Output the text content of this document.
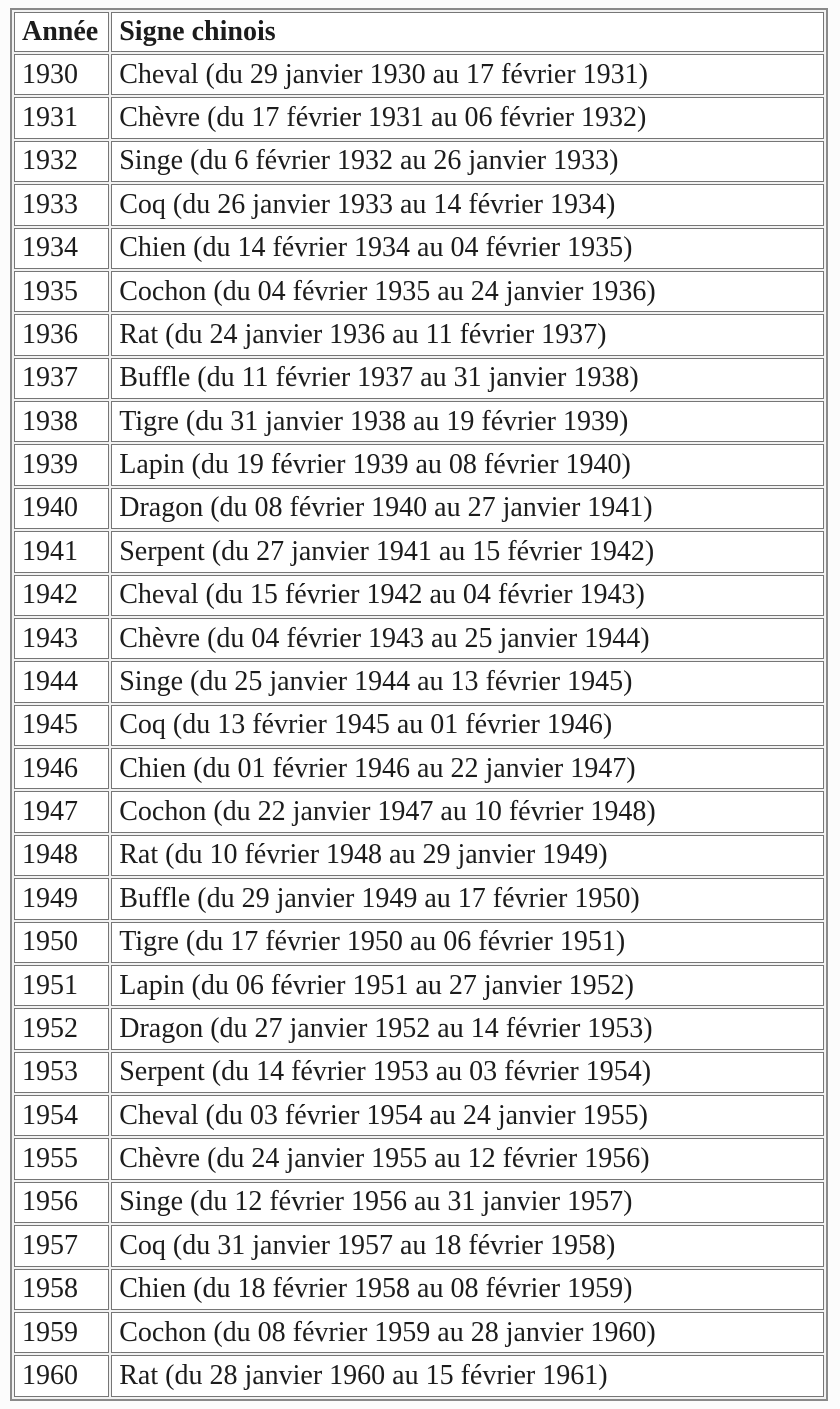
Année	Signe chinois
1930	Cheval (du 29 janvier 1930 au 17 février 1931)
1931	Chèvre (du 17 février 1931 au 06 février 1932)
1932	Singe (du 6 février 1932 au 26 janvier 1933)
1933	Coq (du 26 janvier 1933 au 14 février 1934)
1934	Chien (du 14 février 1934 au 04 février 1935)
1935	Cochon (du 04 février 1935 au 24 janvier 1936)
1936	Rat (du 24 janvier 1936 au 11 février 1937)
1937	Buffle (du 11 février 1937 au 31 janvier 1938)
1938	Tigre (du 31 janvier 1938 au 19 février 1939)
1939	Lapin (du 19 février 1939 au 08 février 1940)
1940	Dragon (du 08 février 1940 au 27 janvier 1941)
1941	Serpent (du 27 janvier 1941 au 15 février 1942)
1942	Cheval (du 15 février 1942 au 04 février 1943)
1943	Chèvre (du 04 février 1943 au 25 janvier 1944)
1944	Singe (du 25 janvier 1944 au 13 février 1945)
1945	Coq (du 13 février 1945 au 01 février 1946)
1946	Chien (du 01 février 1946 au 22 janvier 1947)
1947	Cochon (du 22 janvier 1947 au 10 février 1948)
1948	Rat (du 10 février 1948 au 29 janvier 1949)
1949	Buffle (du 29 janvier 1949 au 17 février 1950)
1950	Tigre (du 17 février 1950 au 06 février 1951)
1951	Lapin (du 06 février 1951 au 27 janvier 1952)
1952	Dragon (du 27 janvier 1952 au 14 février 1953)
1953	Serpent (du 14 février 1953 au 03 février 1954)
1954	Cheval (du 03 février 1954 au 24 janvier 1955)
1955	Chèvre (du 24 janvier 1955 au 12 février 1956)
1956	Singe (du 12 février 1956 au 31 janvier 1957)
1957	Coq (du 31 janvier 1957 au 18 février 1958)
1958	Chien (du 18 février 1958 au 08 février 1959)
1959	Cochon (du 08 février 1959 au 28 janvier 1960)
1960	Rat (du 28 janvier 1960 au 15 février 1961)
